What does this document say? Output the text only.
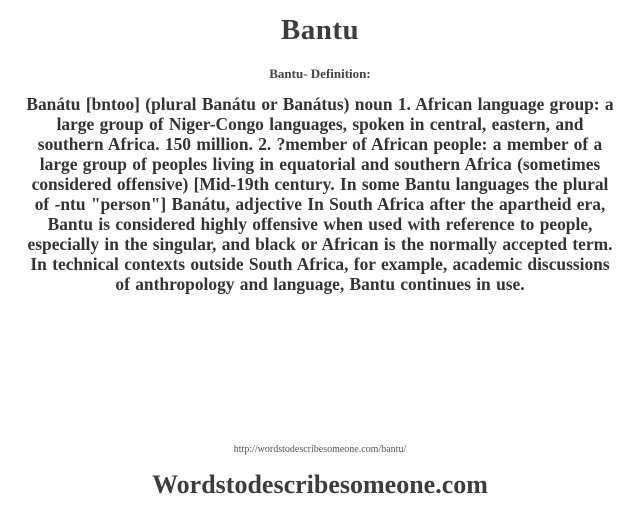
Bantu
Bantu- Definition:
Banátu [bntoo] (plural Banátu or Banátus) noun 1. African language group: a large group of Niger-Congo languages, spoken in central, eastern, and southern Africa. 150 million. 2. ?member of African people: a member of a large group of peoples living in equatorial and southern Africa (sometimes considered offensive) [Mid-19th century. In some Bantu languages the plural of -ntu "person"] Banátu, adjective In South Africa after the apartheid era, Bantu is considered highly offensive when used with reference to people, especially in the singular, and black or African is the normally accepted term. In technical contexts outside South Africa, for example, academic discussions of anthropology and language, Bantu continues in use.
http://wordstodescribesomeone.com/bantu/
Wordstodescribesomeone.com
